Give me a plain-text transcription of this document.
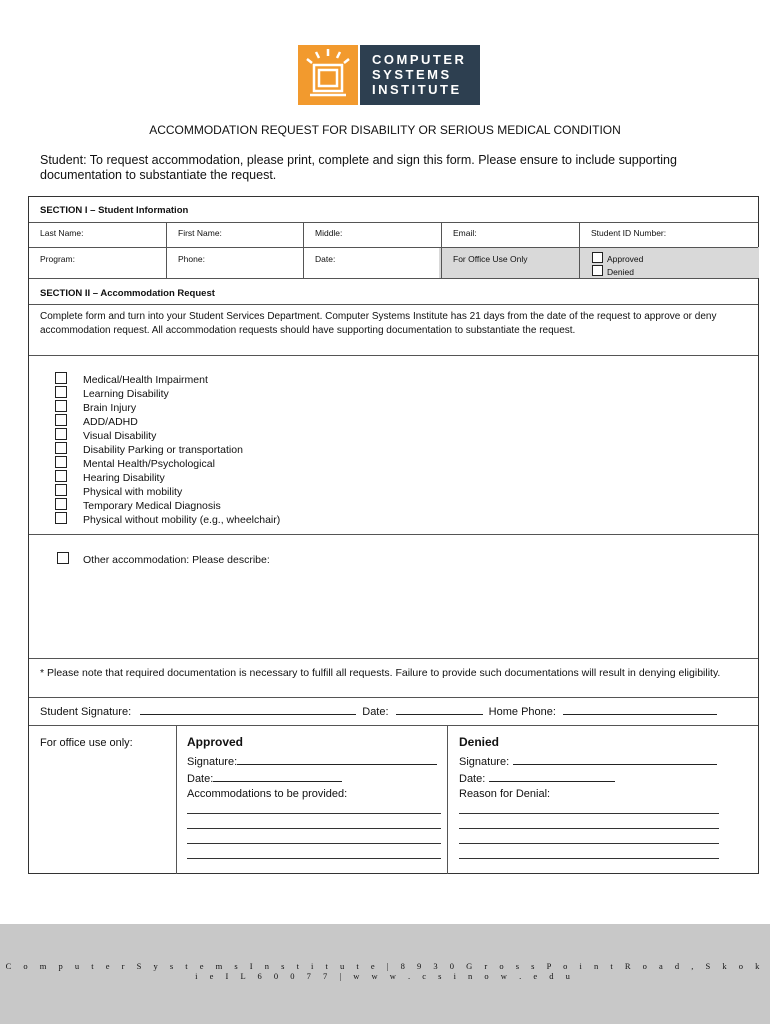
COMPUTER
SYSTEMS
INSTITUTE
ACCOMMODATION REQUEST FOR DISABILITY OR SERIOUS MEDICAL CONDITION
Student: To request accommodation, please print, complete and sign this form. Please ensure to include supporting documentation to substantiate the request.
SECTION I – Student Information
Last Name:	First Name:	Middle:	Email:	Student ID Number:
Program:	Phone:	Date:	For Office Use Only	Approved
Denied
SECTION II – Accommodation Request
Complete form and turn into your Student Services Department. Computer Systems Institute has 21 days from the date of the request to approve or deny accommodation request. All accommodation requests should have supporting documentation to substantiate the request.
Medical/Health Impairment
Learning Disability
Brain Injury
ADD/ADHD
Visual Disability
Disability Parking or transportation
Mental Health/Psychological
Hearing Disability
Physical with mobility
Temporary Medical Diagnosis
Physical without mobility (e.g., wheelchair)
Other accommodation: Please describe:
* Please note that required documentation is necessary to fulfill all requests. Failure to provide such documentations will result in denying eligibility.
Student Signature:	Date:	Home Phone:
For office use only:	Approved
Signature:
Date:
Accommodations to be provided:
Denied
Signature:
Date:
Reason for Denial:
C o m p u t e r S y s t e m s I n s t i t u t e | 8 9 3 0 G r o s s P o i n t R o a d , S k o k i e I L 6 0 0 7 7 | w w w . c s i n o w . e d u
